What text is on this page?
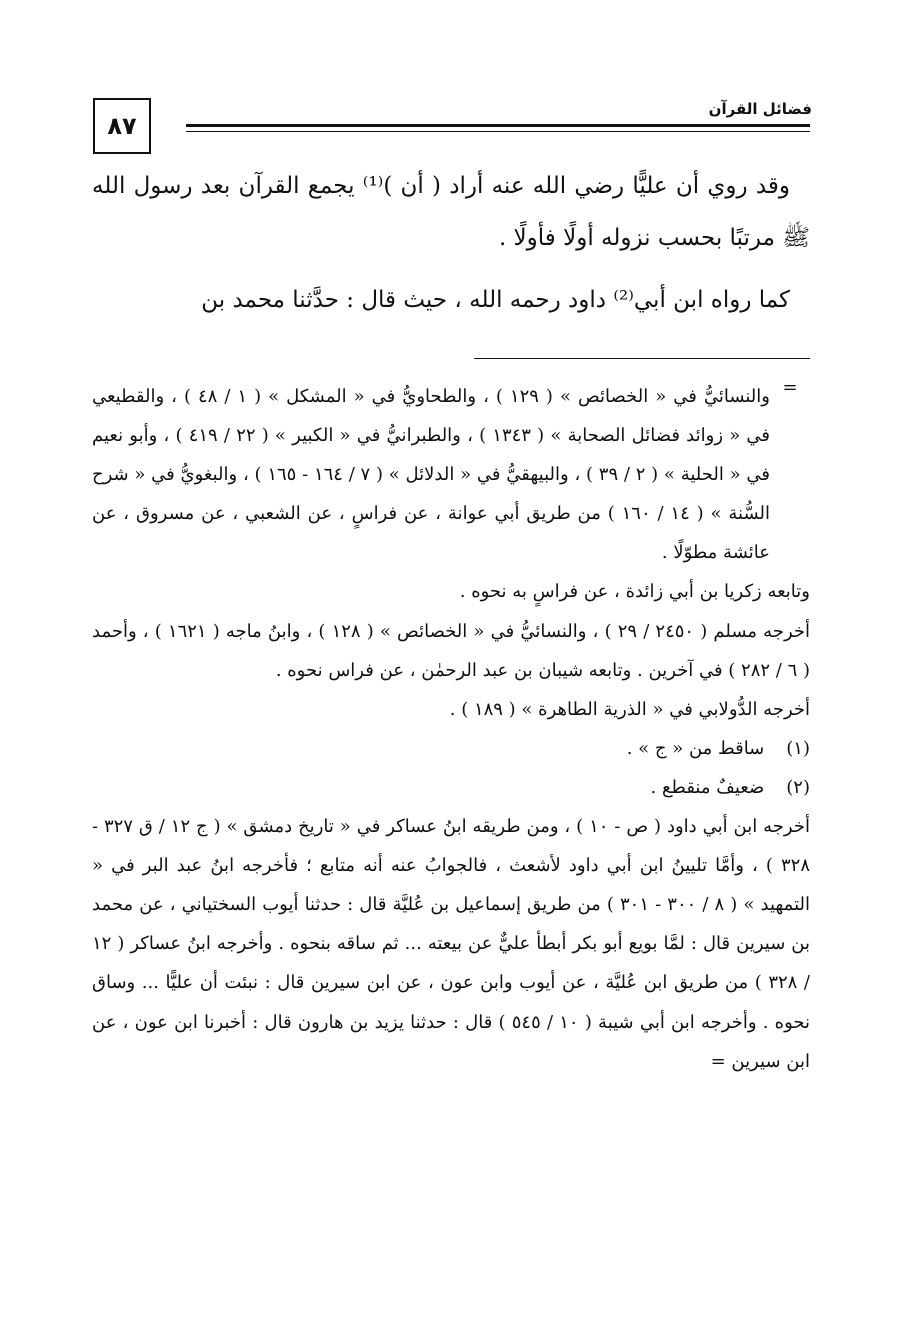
٨٧
فضائل القرآن

وقد روي أن عليًّا رضي الله عنه أراد ( أن )⁽¹⁾ يجمع القرآن بعد رسول الله ﷺ مرتبًا بحسب نزوله أولًا فأولًا .

كما رواه ابن أبي⁽²⁾ داود رحمه الله ، حيث قال : حدَّثنا محمد بن

=

والنسائيُّ في « الخصائص » ( ١٢٩ ) ، والطحاويُّ في « المشكل » ( ١ / ٤٨ ) ، والقطيعي في « زوائد فضائل الصحابة » ( ١٣٤٣ ) ، والطبرانيُّ في « الكبير » ( ٢٢ / ٤١٩ ) ، وأبو نعيم في « الحلية » ( ٢ / ٣٩ ) ، والبيهقيُّ في « الدلائل » ( ٧ / ١٦٤ - ١٦٥ ) ، والبغويُّ في « شرح السُّنة » ( ١٤ / ١٦٠ ) من طريق أبي عوانة ، عن فراسٍ ، عن الشعبي ، عن مسروق ، عن عائشة مطوّلًا .

وتابعه زكريا بن أبي زائدة ، عن فراسٍ به نحوه .

أخرجه مسلم ( ٢٤٥٠ / ٢٩ ) ، والنسائيُّ في « الخصائص » ( ١٢٨ ) ، وابنُ ماجه ( ١٦٢١ ) ، وأحمد ( ٦ / ٢٨٢ ) في آخرين . وتابعه شيبان بن عبد الرحمٰن ، عن فراس نحوه .

أخرجه الدُّولابي في « الذرية الطاهرة » ( ١٨٩ ) .

(١) ساقط من « ج » .

(٢) ضعيفٌ منقطع .

أخرجه ابن أبي داود ( ص - ١٠ ) ، ومن طريقه ابنُ عساكر في « تاريخ دمشق » ( ج ١٢ / ق ٣٢٧ - ٣٢٨ ) ، وأمَّا تليينُ ابن أبي داود لأشعث ، فالجوابُ عنه أنه متابع ؛ فأخرجه ابنُ عبد البر في « التمهيد » ( ٨ / ٣٠٠ - ٣٠١ ) من طريق إسماعيل بن عُليَّة قال : حدثنا أيوب السختياني ، عن محمد بن سيرين قال : لمَّا بويع أبو بكر أبطأ عليٌّ عن بيعته ... ثم ساقه بنحوه . وأخرجه ابنُ عساكر ( ١٢ / ٣٢٨ ) من طريق ابن عُليَّة ، عن أيوب وابن عون ، عن ابن سيرين قال : نبئت أن عليًّا ... وساق نحوه . وأخرجه ابن أبي شيبة ( ١٠ / ٥٤٥ ) قال : حدثنا يزيد بن هارون قال : أخبرنا ابن عون ، عن ابن سيرين =
